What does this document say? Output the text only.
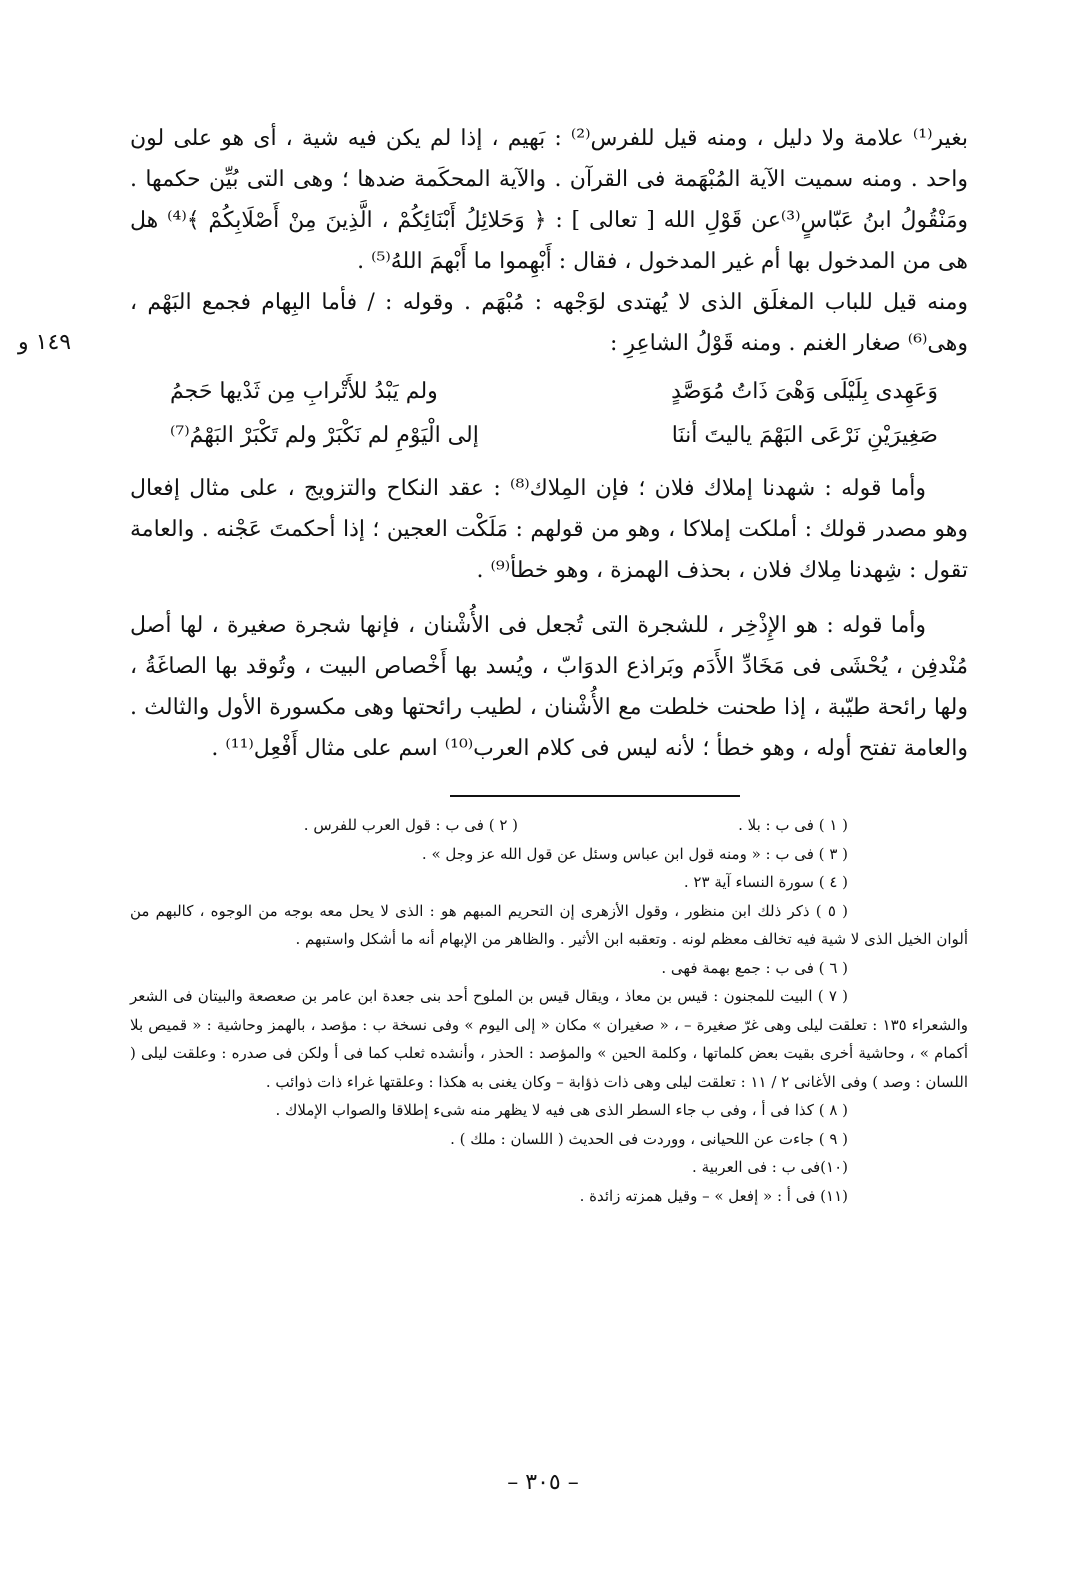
١٤٩ و

بغير⁽¹⁾ علامة ولا دليل ، ومنه قيل للفرس⁽²⁾ : بَهيم ، إذا لم يكن فيه شية ، أى هو على لون واحد . ومنه سميت الآية المُبْهَمة فى القرآن . والآية المحكَمة ضدها ؛ وهى التى بُيِّن حكمها . ومَنْقُولُ ابنُ عَبّاسٍ⁽³⁾عن قَوْلِ الله [ تعالى ] : ﴿ وَحَلائِلُ أَبْنَائِكُمْ ، الَّذِينَ مِنْ أَصْلَابِكُمْ ﴾⁽⁴⁾ هل هى من المدخول بها أم غير المدخول ، فقال : أَبْهِموا ما أَبْهمَ اللهُ⁽⁵⁾ .

ومنه قيل للباب المغلَق الذى لا يُهتدى لوَجْهه : مُبْهَم . وقوله : / فأما البِهام فجمع البَهْم ، وهى⁽⁶⁾ صغار الغنم . ومنه قَوْلُ الشاعِرِ :

وَعَهِدى بِلَيْلَى وَهْىَ ذَاتُ مُوَصَّدٍ
ولم يَبْدُ للأَتْرابِ مِن ثَدْيها حَجمُ
صَغِيرَيْنِ نَرْعَى البَهْمَ ياليتَ أننَا
إلى الْيَوْمِ لم نَكْبَرْ ولم تَكْبَرْ البَهْمُ⁽⁷⁾

وأما قوله : شهدنا إملاك فلان ؛ فإن المِلاك⁽⁸⁾ : عقد النكاح والتزويج ، على مثال إفعال وهو مصدر قولك : أملكت إملاكا ، وهو من قولهم : مَلَكْت العجين ؛ إذا أحكمتَ عَجْنه . والعامة تقول : شِهدنا مِلاك فلان ، بحذف الهمزة ، وهو خطأ⁽⁹⁾ .

وأما قوله : هو الإِذْخِر ، للشجرة التى تُجعل فى الأُشْنان ، فإنها شجرة صغيرة ، لها أصل مُنْدفِن ، يُحْشَى فى مَخَادِّ الأَدَم وبَراذع الدوَابّ ، ويُسد بها أَخْصاص البيت ، وتُوقد بها الصاغَةُ ، ولها رائحة طيّبة ، إذا طحنت خلطت مع الأُشْنان ، لطيب رائحتها وهى مكسورة الأول والثالث . والعامة تفتح أوله ، وهو خطأ ؛ لأنه ليس فى كلام العرب⁽¹⁰⁾ اسم على مثال أَفْعِل⁽¹¹⁾ .

( ١ ) فى ب : بلا .
( ٢ ) فى ب : قول العرب للفرس .

( ٣ ) فى ب : « ومنه قول ابن عباس وسئل عن قول الله عز وجل » .

( ٤ ) سورة النساء آية ٢٣ .

( ٥ ) ذكر ذلك ابن منظور ، وقول الأزهرى إن التحريم المبهم هو : الذى لا يحل معه بوجه من الوجوه ، كالبهم من ألوان الخيل الذى لا شية فيه تخالف معظم لونه . وتعقبه ابن الأثير . والظاهر من الإبهام أنه ما أشكل واستبهم .

( ٦ ) فى ب : جمع بهمة فهى .

( ٧ ) البيت للمجنون : قيس بن معاذ ، ويقال قيس بن الملوح أحد بنى جعدة ابن عامر بن صعصعة والبيتان فى الشعر والشعراء ١٣٥ : تعلقت ليلى وهى غرّ صغيرة – ، « صغيران » مكان « إلى اليوم » وفى نسخة ب : مؤصد ، بالهمز وحاشية : « قميص بلا أكمام » ، وحاشية أخرى بقيت بعض كلماتها ، وكلمة الحين » والمؤصد : الحذر ، وأنشده ثعلب كما فى أ ولكن فى صدره : وعلقت ليلى ( اللسان : وصد ) وفى الأغانى ٢ / ١١ : تعلقت ليلى وهى ذات ذؤابة – وكان يغنى به هكذا : وعلقتها غراء ذات ذوائب .

( ٨ ) كذا فى أ ، وفى ب جاء السطر الذى هى فيه لا يظهر منه شىء إطلاقا والصواب الإملاك .

( ٩ ) جاءت عن اللحيانى ، ووردت فى الحديث ( اللسان : ملك ) .

(١٠)فى ب : فى العربية .

(١١) فى أ : « إفعل » – وقيل همزته زائدة .

– ٣٠٥ –
